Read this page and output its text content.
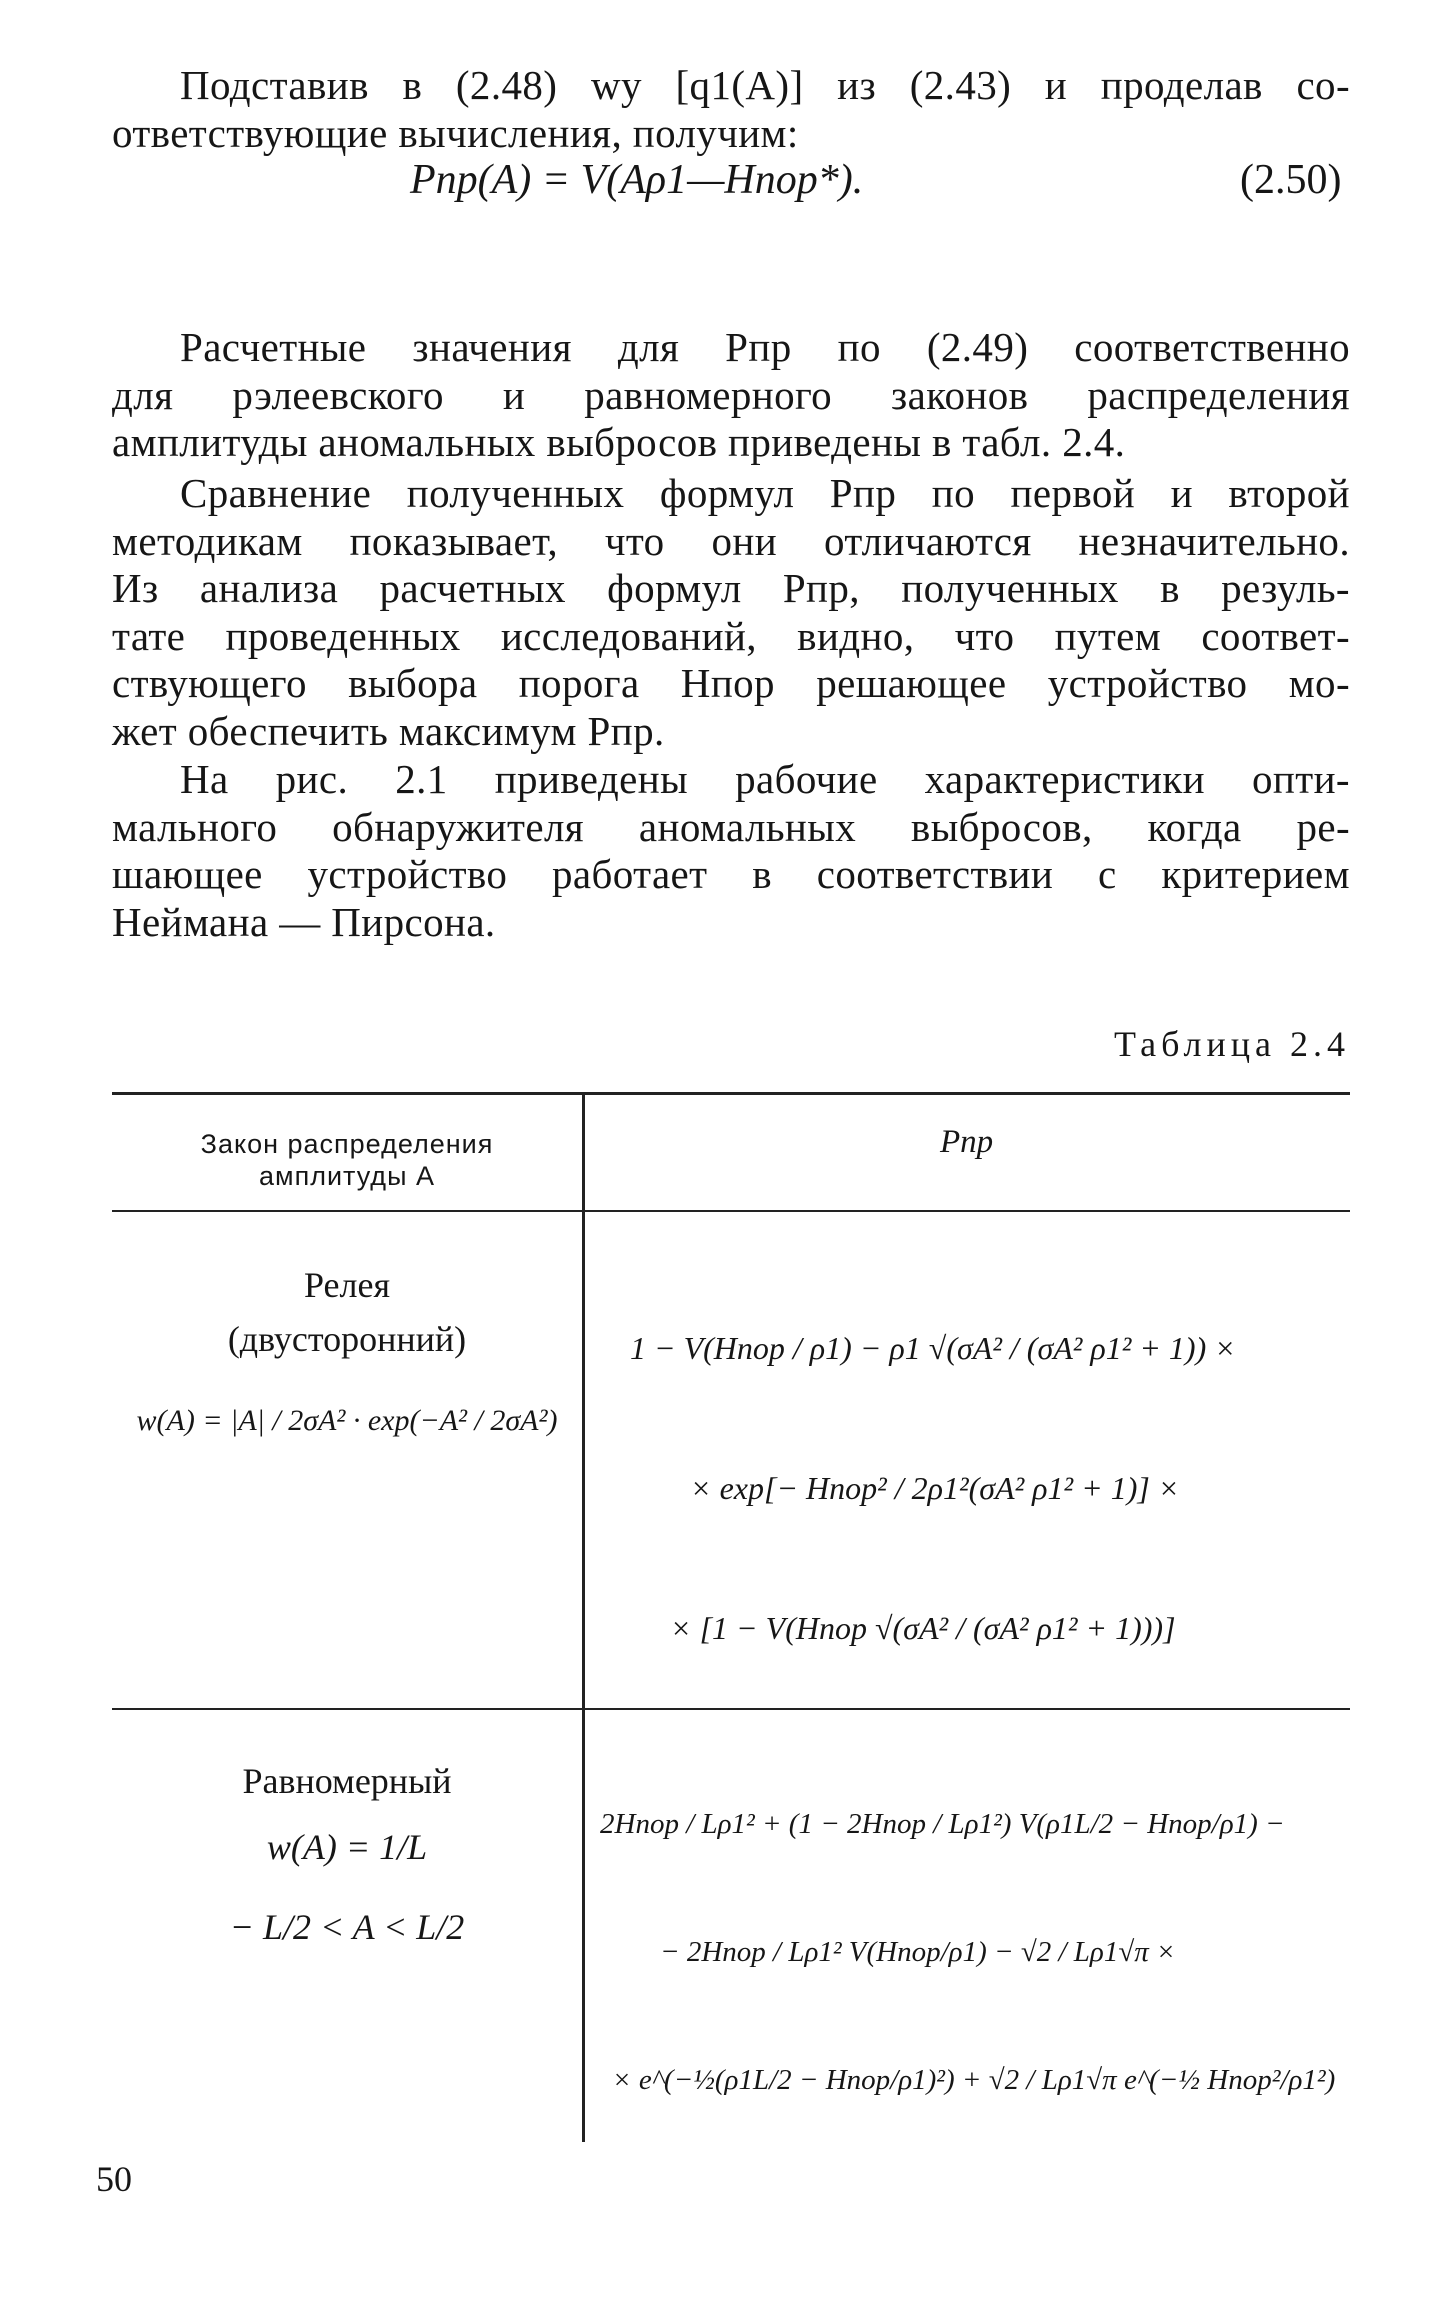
Подставив в (2.48) wy [q1(A)] из (2.43) и проделав со-
ответствующие вычисления, получим:
Pпр(A) = V(Aρ1—Hпор*).	(2.50)
Расчетные значения для Pпр по (2.49) соответственно
для рэлеевского и равномерного законов распределения
амплитуды аномальных выбросов приведены в табл. 2.4.
Сравнение полученных формул Pпр по первой и второй
методикам показывает, что они отличаются незначительно.
Из анализа расчетных формул Pпр, полученных в резуль-
тате проведенных исследований, видно, что путем соответ-
ствующего выбора порога Hпор решающее устройство мо-
жет обеспечить максимум Pпр.
На рис. 2.1 приведены рабочие характеристики опти-
мального обнаружителя аномальных выбросов, когда ре-
шающее устройство работает в соответствии с критерием
Неймана — Пирсона.
Таблица 2.4
Закон распределения
амплитуды A
Pпр
Релея
(двусторонний)
w(A) = |A| / 2σA² · exp(−A² / 2σA²)
1 − V(Hпор / ρ1) − ρ1 √(σA² / (σA² ρ1² + 1)) ×
× exp[− Hпор² / 2ρ1²(σA² ρ1² + 1)] ×
× [1 − V(Hпор √(σA² / (σA² ρ1² + 1)))]
Равномерный
w(A) = 1/L
− L/2 < A < L/2
2Hпор / Lρ1² + (1 − 2Hпор / Lρ1²) V(ρ1L/2 − Hпор/ρ1) −
− 2Hпор / Lρ1² V(Hпор/ρ1) − √2 / Lρ1√π ×
× e^(−½(ρ1L/2 − Hпор/ρ1)²) + √2 / Lρ1√π e^(−½ Hпор²/ρ1²)
50
